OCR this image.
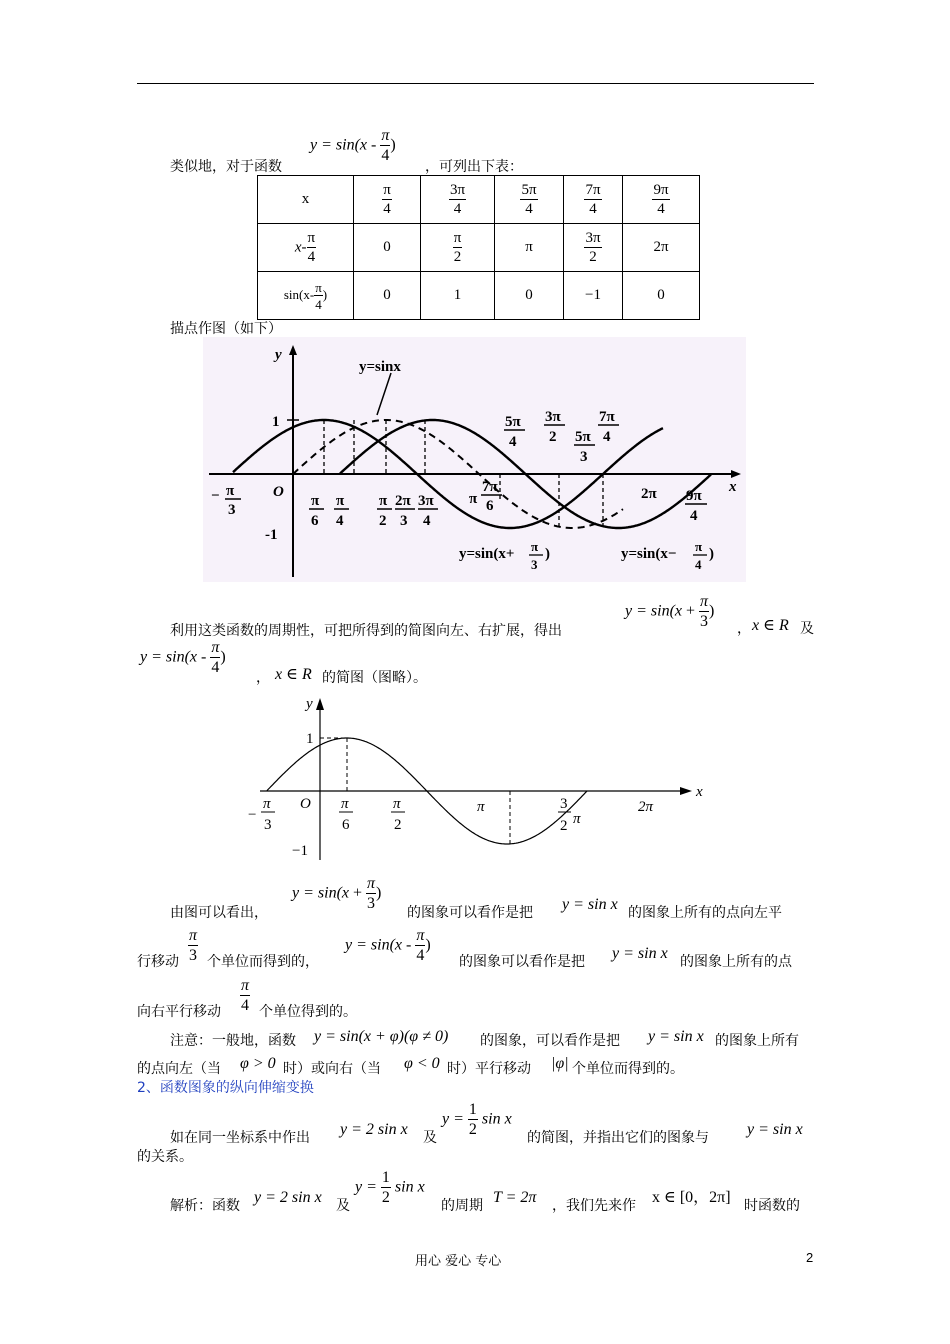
类似地，对于函数
$y = \sin(x - \frac{\pi}{4}$ )
，可列出下表：
x	$\frac{\pi}{4}$	$\frac{3\pi}{4}$	$\frac{5\pi}{4}$	$\frac{7\pi}{4}$	$\frac{9\pi}{4}$

$x- \frac{\pi}{4}$	0	$\frac{\pi}{2}$	π	$\frac{3\pi}{2}$	2π
$\sin(x- \frac{\pi}{4}$ )	0	1	0	−1	0
描点作图（如下）
y
x
y=sinx
1
-1
O
− π
3
π
6
π
4
π
2
2π
3
3π
4
π
7π
6
5π
4
3π
2 5π
3
7π
4
2π 9π
4
y=sin(x+ π
3
)	y=sin(x− π
4
)
利用这类函数的周期性，可把所得到的简图向左、右扩展，得出
$y = \sin(x + \frac{\pi}{3}$ )
， x ∈ R 及
$y = \sin(x - \frac{\pi}{4}$ )
， x ∈ R 的简图（图略）。
y
x
1
−1
O
−
π
3
π
6
π
2
π	3
2 π
2π
由图可以看出，
$y = \sin(x + \frac{\pi}{3}$ )
的图象可以看作是把 y = sin x 的图象上所有的点向左平
行移动 $\frac{\pi}{3}$ 个单位而得到的，
$y = \sin(x - \frac{\pi}{4}$ )
的图象可以看作是把 y = sin x 的图象上所有的点
向右平行移动 $\frac{\pi}{4}$ 个单位得到的。
注意：一般地，函数 y = sin(x + φ)(φ ≠ 0) 的图象，可以看作是把 y = sin x 的图象上所有
的点向左（当 φ > 0 时）或向右（当 φ < 0 时）平行移动 |φ| 个单位而得到的。
2、函数图象的纵向伸缩变换
如在同一坐标系中作出 y = 2 sin x 及
$y = \frac{1}{2}$ sin x
的简图，并指出它们的图象与 y = sin x
的关系。
解析：函数 y = 2 sin x 及
$y = \frac{1}{2}$ sin x
的周期 T = 2π ，我们先来作 x ∈ [0，2π] 时函数的
用心 爱心 专心	2
